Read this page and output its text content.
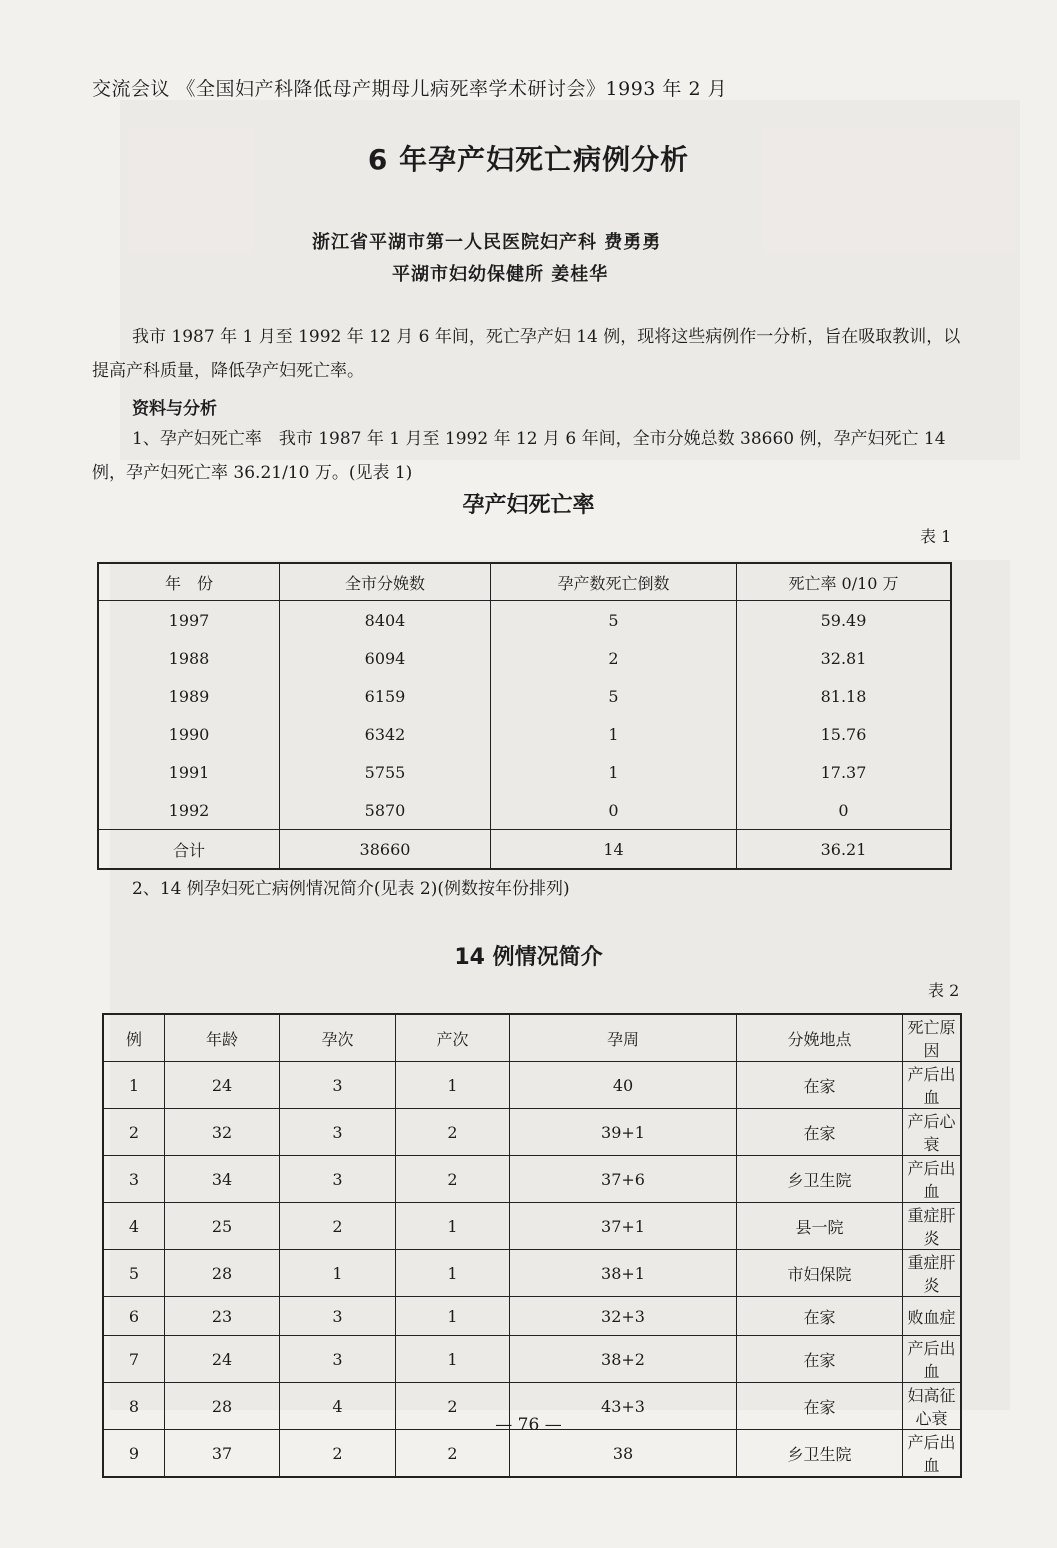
交流会议 《全国妇产科降低母产期母儿病死率学术研讨会》1993 年 2 月
6 年孕产妇死亡病例分析
浙江省平湖市第一人民医院妇产科 费勇勇
平湖市妇幼保健所 姜桂华
我市 1987 年 1 月至 1992 年 12 月 6 年间，死亡孕产妇 14 例，现将这些病例作一分析，旨在吸取教训，以提高产科质量，降低孕产妇死亡率。
资料与分析
1、孕产妇死亡率　我市 1987 年 1 月至 1992 年 12 月 6 年间，全市分娩总数 38660 例，孕产妇死亡 14 例，孕产妇死亡率 36.21/10 万。(见表 1)
孕产妇死亡率
表 1
年　份	全市分娩数	孕产数死亡倒数	死亡率 0/10 万
1997	8404	5	59.49
1988	6094	2	32.81
1989	6159	5	81.18
1990	6342	1	15.76
1991	5755	1	17.37
1992	5870	0	0
合计	38660	14	36.21
2、14 例孕妇死亡病例情况简介(见表 2)(例数按年份排列)
14 例情况简介
表 2
例	年龄	孕次	产次	孕周	分娩地点	死亡原因
1	24	3	1	40	在家	产后出血
2	32	3	2	39+1	在家	产后心衰
3	34	3	2	37+6	乡卫生院	产后出血
4	25	2	1	37+1	县一院	重症肝炎
5	28	1	1	38+1	市妇保院	重症肝炎
6	23	3	1	32+3	在家	败血症
7	24	3	1	38+2	在家	产后出血
8	28	4	2	43+3	在家	妇高征心衰
9	37	2	2	38	乡卫生院	产后出血
— 76 —
